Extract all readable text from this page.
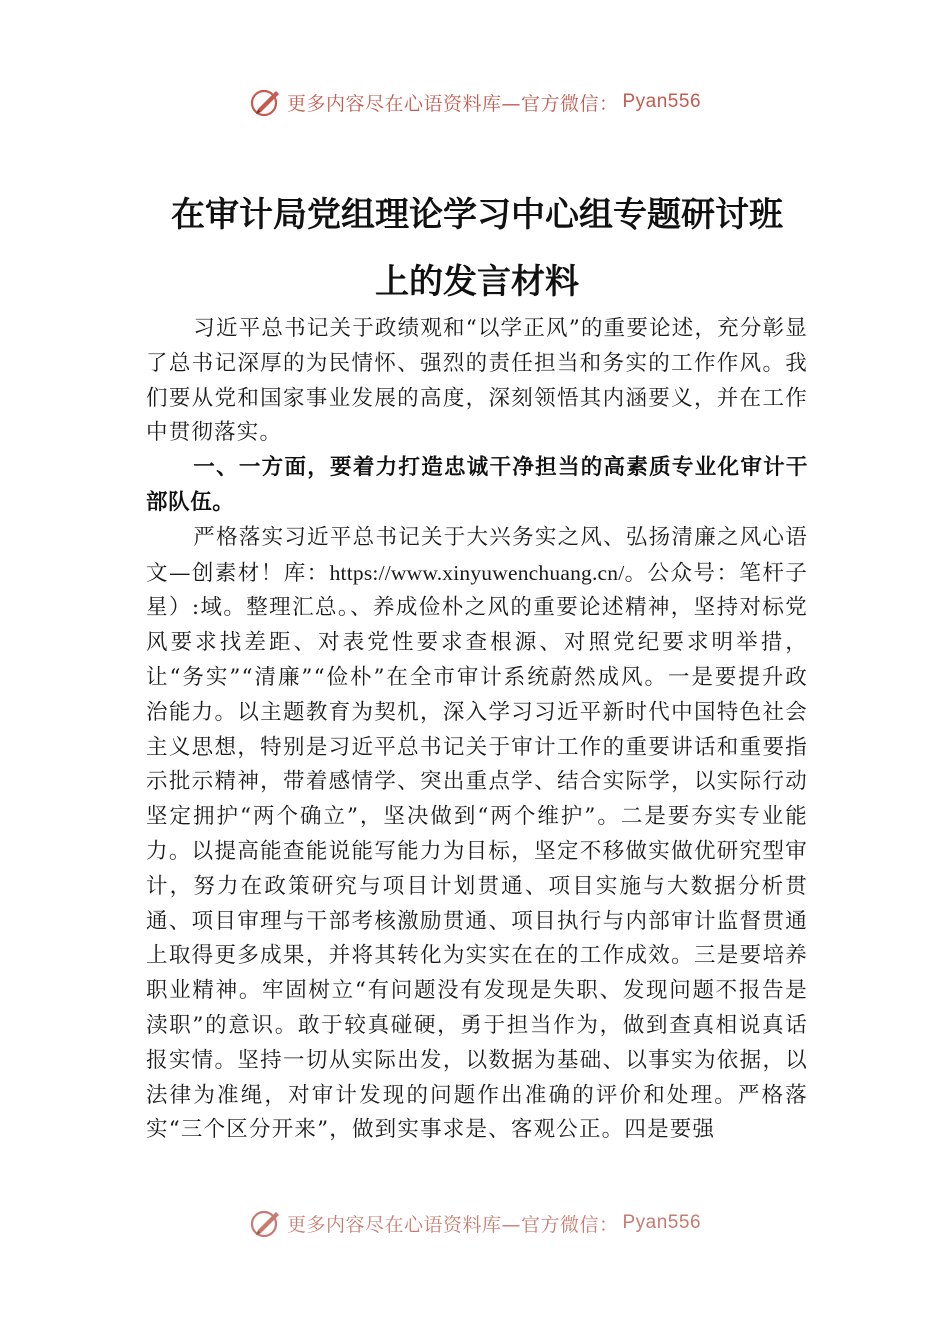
更多内容尽在心语资料库—官方微信： Pyan556
在审计局党组理论学习中心组专题研讨班
上的发言材料

习近平总书记关于政绩观和“以学正风”的重要论述，充分彰显了总书记深厚的为民情怀、强烈的责任担当和务实的工作作风。我们要从党和国家事业发展的高度，深刻领悟其内涵要义，并在工作中贯彻落实。

一、一方面，要着力打造忠诚干净担当的高素质专业化审计干部队伍。

严格落实习近平总书记关于大兴务实之风、弘扬清廉之风心语文—创素材！库：https://www.xinyuwenchuang.cn/。公众号：笔杆子星）:域。整理汇总。、养成俭朴之风的重要论述精神，坚持对标党风要求找差距、对表党性要求查根源、对照党纪要求明举措，让“务实”“清廉”“俭朴”在全市审计系统蔚然成风。一是要提升政治能力。以主题教育为契机，深入学习习近平新时代中国特色社会主义思想，特别是习近平总书记关于审计工作的重要讲话和重要指示批示精神，带着感情学、突出重点学、结合实际学，以实际行动坚定拥护“两个确立”，坚决做到“两个维护”。二是要夯实专业能力。以提高能查能说能写能力为目标，坚定不移做实做优研究型审计，努力在政策研究与项目计划贯通、项目实施与大数据分析贯通、项目审理与干部考核激励贯通、项目执行与内部审计监督贯通上取得更多成果，并将其转化为实实在在的工作成效。三是要培养职业精神。牢固树立“有问题没有发现是失职、发现问题不报告是渎职”的意识。敢于较真碰硬，勇于担当作为，做到查真相说真话报实情。坚持一切从实际出发，以数据为基础、以事实为依据，以法律为准绳，对审计发现的问题作出准确的评价和处理。严格落实“三个区分开来”，做到实事求是、客观公正。四是要强

更多内容尽在心语资料库—官方微信： Pyan556
